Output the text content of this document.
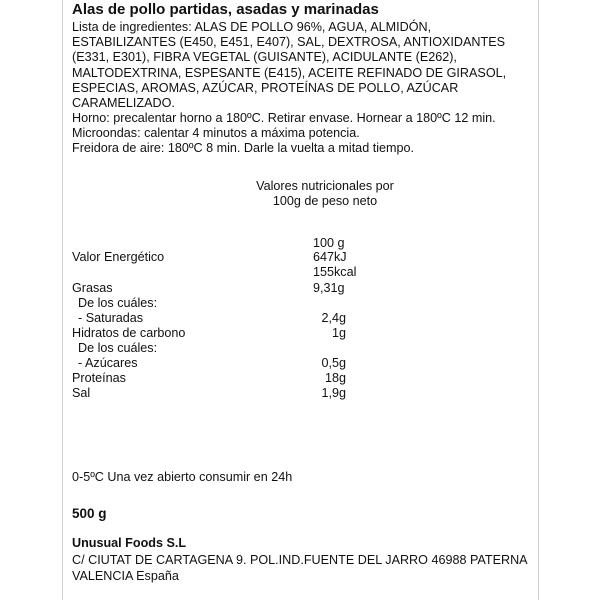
Alas de pollo partidas, asadas y marinadas
Lista de ingredientes: ALAS DE POLLO 96%, AGUA, ALMIDÓN, ESTABILIZANTES (E450, E451, E407), SAL, DEXTROSA, ANTIOXIDANTES (E331, E301), FIBRA VEGETAL (GUISANTE), ACIDULANTE (E262), MALTODEXTRINA, ESPESANTE (E415), ACEITE REFINADO DE GIRASOL, ESPECIAS, AROMAS, AZÚCAR, PROTEÍNAS DE POLLO, AZÚCAR CARAMELIZADO.
Horno: precalentar horno a 180ºC. Retirar envase. Hornear a 180ºC 12 min.
Microondas: calentar 4 minutos a máxima potencia.
Freidora de aire: 180ºC 8 min. Darle la vuelta a mitad tiempo.
Valores nutricionales por
100g de peso neto
100 g
Valor Energético	647kJ
155kcal
Grasas	9,31g
De los cuáles:
- Saturadas	2,4g
Hidratos de carbono	1g
De los cuáles:
- Azúcares	0,5g
Proteínas	18g
Sal	1,9g
0-5ºC Una vez abierto consumir en 24h
500 g
Unusual Foods S.L
C/ CIUTAT DE CARTAGENA 9. POL.IND.FUENTE DEL JARRO 46988 PATERNA
VALENCIA España
